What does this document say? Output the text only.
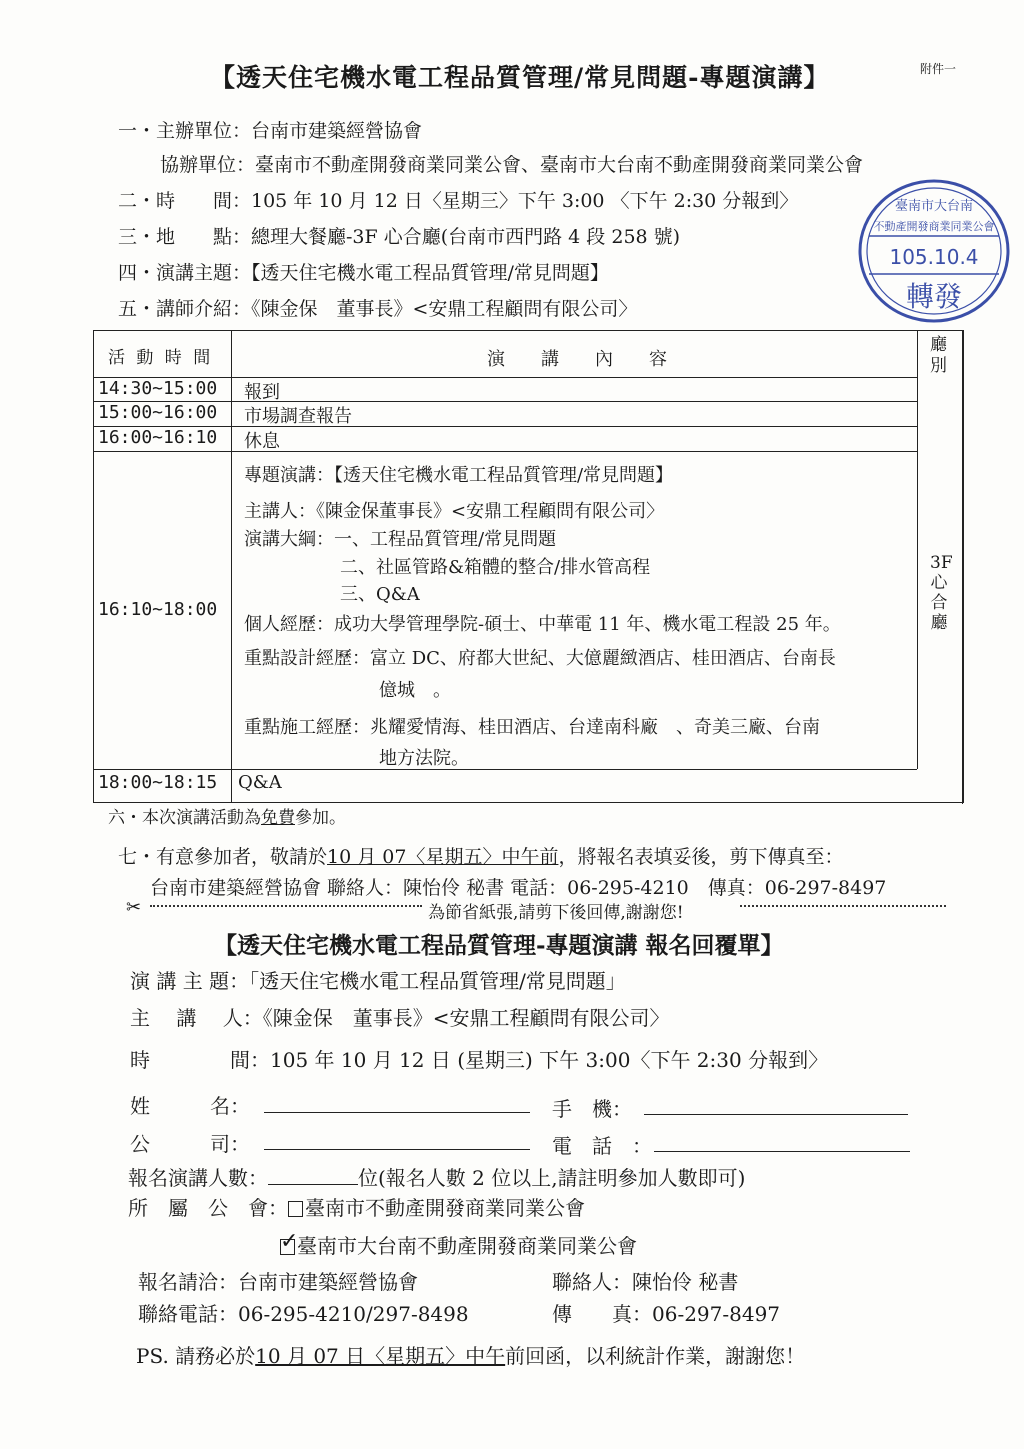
【透天住宅機水電工程品質管理/常見問題-專題演講】	附件一
一・主辦單位：台南市建築經營協會
協辦單位：臺南市不動產開發商業同業公會、臺南市大台南不動產開發商業同業公會
二・時　　間：105 年 10 月 12 日〈星期三〉下午 3:00 〈下午 2:30 分報到〉
三・地　　點：總理大餐廳-3F 心合廳(台南市西門路 4 段 258 號)
四・演講主題：【透天住宅機水電工程品質管理/常見問題】
五・講師介紹：《陳金保　董事長》<安鼎工程顧問有限公司〉
臺南市大台南
不動產開發商業同業公會
105.10.4
轉發
活 動 時 間	演　　講　　內　　容
廳別
14:30~15:00 報到
15:00~16:00 市場調查報告
16:00~16:10 休息
16:10~18:00
專題演講：【透天住宅機水電工程品質管理/常見問題】
主講人：《陳金保董事長》<安鼎工程顧問有限公司〉
演講大綱：一、工程品質管理/常見問題
二、社區管路&箱體的整合/排水管高程
三、Q&A
個人經歷：成功大學管理學院-碩士、中華電 11 年、機水電工程設 25 年。
重點設計經歷：富立 DC、府都大世紀、大億麗緻酒店、桂田酒店、台南長
億城　。
重點施工經歷：兆耀愛情海、桂田酒店、台達南科廠　、奇美三廠、台南
地方法院。
18:00~18:15 Q&A
3F心合廳
六・本次演講活動為免費參加。
七・有意參加者，敬請於10 月 07〈星期五〉中午前，將報名表填妥後，剪下傳真至：
台南市建築經營協會 聯絡人：陳怡伶 秘書 電話：06-295-4210　傳真：06-297-8497
✂	為節省紙張,請剪下後回傳,謝謝您!
【透天住宅機水電工程品質管理-專題演講 報名回覆單】
演 講 主 題：「透天住宅機水電工程品質管理/常見問題」
主　 講　 人：《陳金保　董事長》<安鼎工程顧問有限公司〉
時　　　　間：105 年 10 月 12 日 (星期三) 下午 3:00〈下午 2:30 分報到〉
姓　　　名：	手　機：
公　　　司：	電　話　：
報名演講人數：	位(報名人數 2 位以上,請註明參加人數即可)
所　屬　公　會： 臺南市不動產開發商業同業公會
✓
臺南市大台南不動產開發商業同業公會
報名請洽：台南市建築經營協會	聯絡人：陳怡伶 秘書
聯絡電話：06-295-4210/297-8498	傳　　真：06-297-8497
PS. 請務必於10 月 07 日〈星期五〉中午前回函，以利統計作業，謝謝您！
